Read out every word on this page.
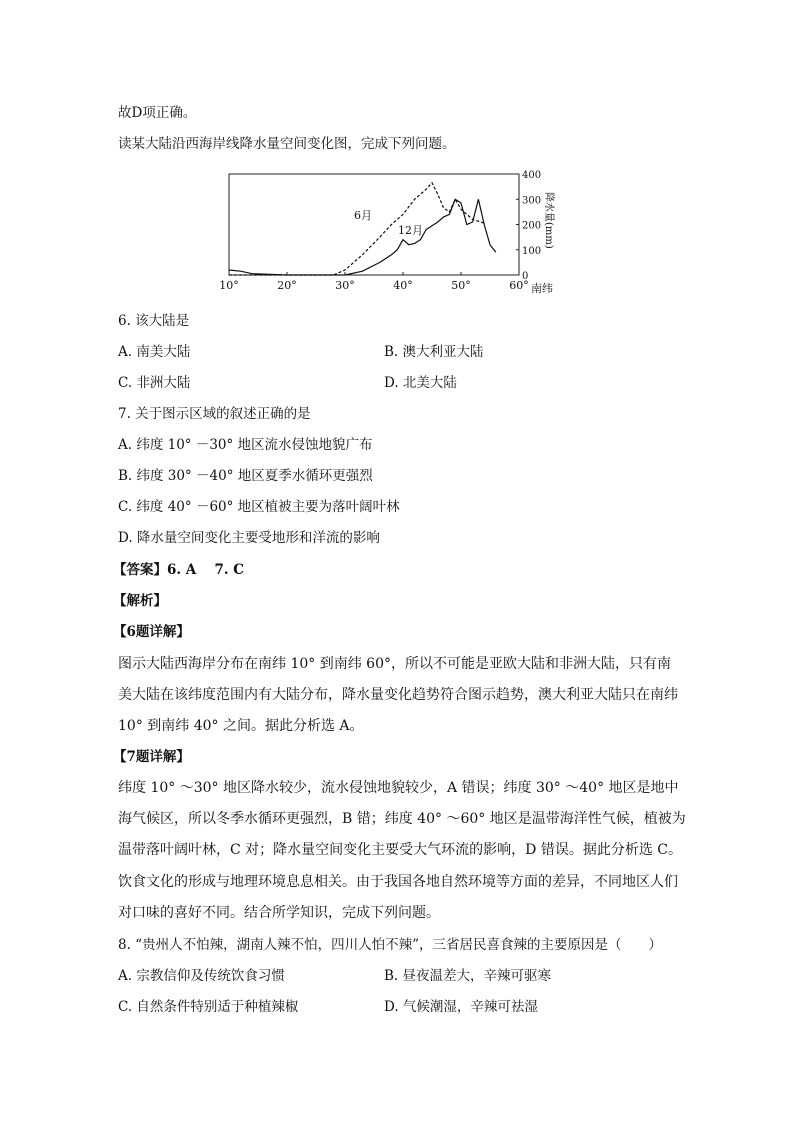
故D项正确。
读某大陆沿西海岸线降水量空间变化图，完成下列问题。
10°	20°	30°	40°	50°	60°
0
100
200
300
400
6月
12月
南纬
降水量(mm)
6. 该大陆是
A. 南美大陆	B. 澳大利亚大陆
C. 非洲大陆	D. 北美大陆
7. 关于图示区域的叙述正确的是
A. 纬度 10° －30° 地区流水侵蚀地貌广布
B. 纬度 30° －40° 地区夏季水循环更强烈
C. 纬度 40° －60° 地区植被主要为落叶阔叶林
D. 降水量空间变化主要受地形和洋流的影响
【答案】6. A　 7. C
【解析】
【6题详解】
图示大陆西海岸分布在南纬 10° 到南纬 60°，所以不可能是亚欧大陆和非洲大陆，只有南
美大陆在该纬度范围内有大陆分布，降水量变化趋势符合图示趋势，澳大利亚大陆只在南纬
10° 到南纬 40° 之间。据此分析选 A。
【7题详解】
纬度 10° ～30° 地区降水较少，流水侵蚀地貌较少，A 错误；纬度 30° ～40° 地区是地中
海气候区，所以冬季水循环更强烈，B 错；纬度 40° ～60° 地区是温带海洋性气候，植被为
温带落叶阔叶林，C 对；降水量空间变化主要受大气环流的影响，D 错误。据此分析选 C。
饮食文化的形成与地理环境息息相关。由于我国各地自然环境等方面的差异，不同地区人们
对口味的喜好不同。结合所学知识，完成下列问题。
8. “贵州人不怕辣，湖南人辣不怕，四川人怕不辣”，三省居民喜食辣的主要原因是（　　）
A. 宗教信仰及传统饮食习惯	B. 昼夜温差大，辛辣可驱寒
C. 自然条件特别适于种植辣椒	D. 气候潮湿，辛辣可祛湿
